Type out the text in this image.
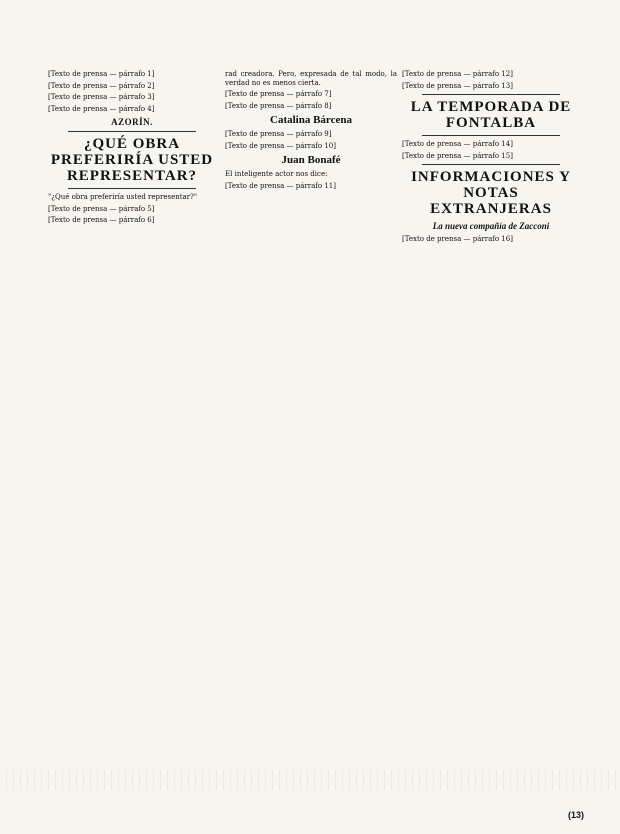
[Texto de prensa — párrafo 1]

[Texto de prensa — párrafo 2]

[Texto de prensa — párrafo 3]

[Texto de prensa — párrafo 4]

AZORÍN.
¿QUÉ OBRA PREFERIRÍA USTED REPRESENTAR?

"¿Qué obra preferiría usted representar?"

[Texto de prensa — párrafo 5]

[Texto de prensa — párrafo 6]

rad creadora. Pero, expresada de tal modo, la verdad no es menos cierta.

[Texto de prensa — párrafo 7]

[Texto de prensa — párrafo 8]

Catalina Bárcena

[Texto de prensa — párrafo 9]

[Texto de prensa — párrafo 10]

Juan Bonafé

El inteligente actor nos dice:

[Texto de prensa — párrafo 11]

[Texto de prensa — párrafo 12]

[Texto de prensa — párrafo 13]

LA TEMPORADA DE FONTALBA

[Texto de prensa — párrafo 14]

[Texto de prensa — párrafo 15]

INFORMACIONES Y NOTAS EXTRANJERAS
La nueva compañía de Zacconi

[Texto de prensa — párrafo 16]

(13)
